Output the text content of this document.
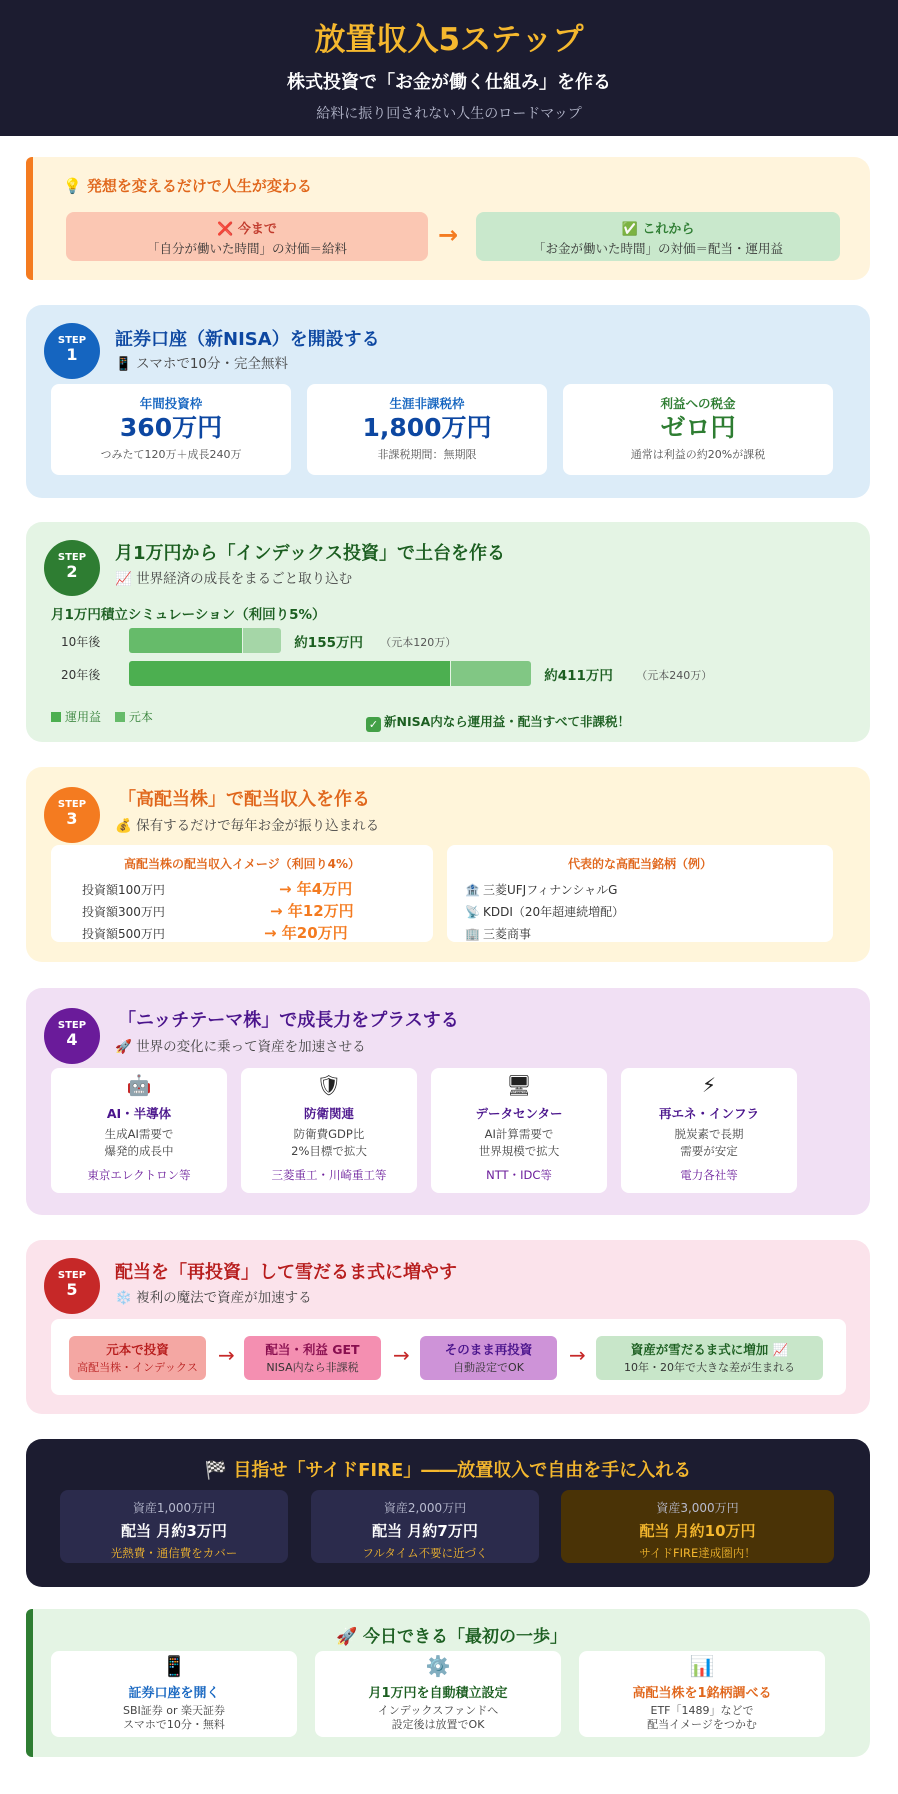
放置収入5ステップ
株式投資で「お金が働く仕組み」を作る
給料に振り回されない人生のロードマップ
💡 発想を変えるだけで人生が変わる
❌ 今まで
「自分が働いた時間」の対価＝給料	→	✅ これから
「お金が働いた時間」の対価＝配当・運用益
STEP
1
証券口座（新NISA）を開設する
📱 スマホで10分・完全無料
年間投資枠
360万円
つみたて120万＋成長240万
生涯非課税枠
1,800万円
非課税期間：無期限
利益への税金
ゼロ円
通常は利益の約20%が課税
STEP
2
月1万円から「インデックス投資」で土台を作る
📈 世界経済の成長をまるごと取り込む
月1万円積立シミュレーション（利回り5%）
運用益 元本
✓ 新NISA内なら運用益・配当すべて非課税！
10年後	約155万円 （元本120万）
20年後	約411万円 （元本240万）
STEP
3
「高配当株」で配当収入を作る
💰 保有するだけで毎年お金が振り込まれる
高配当株の配当収入イメージ（利回り4%）
投資額100万円	→ 年4万円
投資額300万円	→ 年12万円
投資額500万円	→ 年20万円
代表的な高配当銘柄（例）
🏦 三菱UFJフィナンシャルG
📡 KDDI（20年超連続増配）
🏢 三菱商事
STEP
4
「ニッチテーマ株」で成長力をプラスする
🚀 世界の変化に乗って資産を加速させる
🤖
AI・半導体
生成AI需要で
爆発的成長中
東京エレクトロン等
🛡
防衛関連
防衛費GDP比
2%目標で拡大
三菱重工・川崎重工等
🖥
データセンター
AI計算需要で
世界規模で拡大
NTT・IDC等
⚡
再エネ・インフラ
脱炭素で長期
需要が安定
電力各社等
STEP
5
配当を「再投資」して雪だるま式に増やす
❄️ 複利の魔法で資産が加速する
元本で投資
高配当株・インデックス
→	配当・利益 GET
NISA内なら非課税
→	そのまま再投資
自動設定でOK
→	資産が雪だるま式に増加 📈
10年・20年で大きな差が生まれる
🏁 目指せ「サイドFIRE」――放置収入で自由を手に入れる
資産1,000万円
配当 月約3万円
光熱費・通信費をカバー
資産2,000万円
配当 月約7万円
フルタイム不要に近づく
資産3,000万円
配当 月約10万円
サイドFIRE達成圏内！
🚀 今日できる「最初の一歩」
📱
証券口座を開く
SBI証券 or 楽天証券
スマホで10分・無料
⚙️
月1万円を自動積立設定
インデックスファンドへ
設定後は放置でOK
📊
高配当株を1銘柄調べる
ETF「1489」などで
配当イメージをつかむ
